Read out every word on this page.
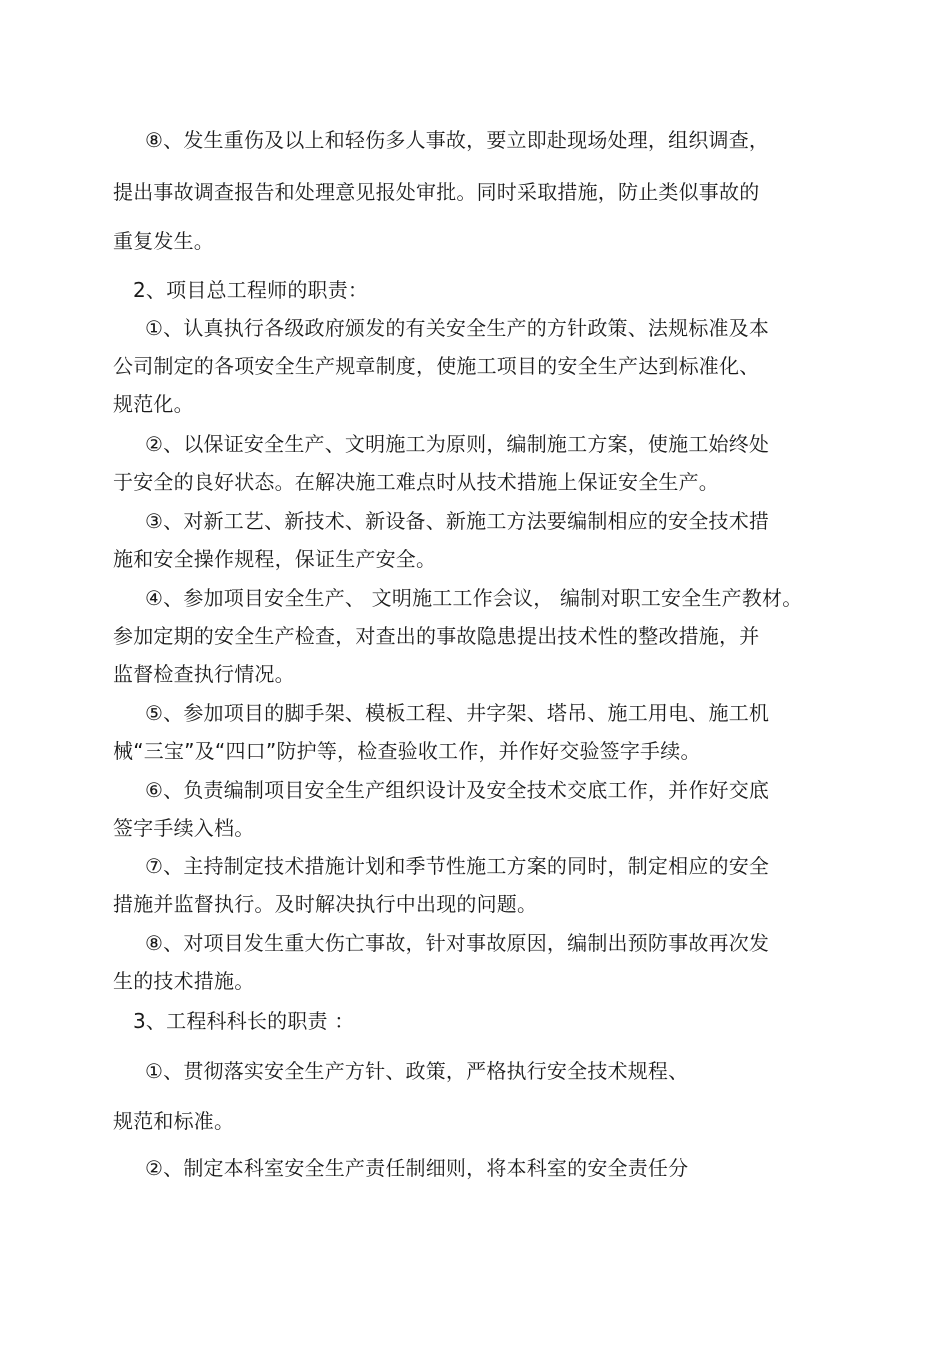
⑧、发生重伤及以上和轻伤多人事故，要立即赴现场处理，组织调查，
提出事故调查报告和处理意见报处审批。同时采取措施，防止类似事故的
重复发生。
2、项目总工程师的职责：
①、认真执行各级政府颁发的有关安全生产的方针政策、法规标准及本
公司制定的各项安全生产规章制度，使施工项目的安全生产达到标准化、
规范化。
②、以保证安全生产、文明施工为原则，编制施工方案，使施工始终处
于安全的良好状态。在解决施工难点时从技术措施上保证安全生产。
③、对新工艺、新技术、新设备、新施工方法要编制相应的安全技术措
施和安全操作规程，保证生产安全。
④、参加项目安全生产、 文明施工工作会议， 编制对职工安全生产教材。
参加定期的安全生产检查，对查出的事故隐患提出技术性的整改措施，并
监督检查执行情况。
⑤、参加项目的脚手架、模板工程、井字架、塔吊、施工用电、施工机
械“三宝”及“四口”防护等，检查验收工作，并作好交验签字手续。
⑥、负责编制项目安全生产组织设计及安全技术交底工作，并作好交底
签字手续入档。
⑦、主持制定技术措施计划和季节性施工方案的同时，制定相应的安全
措施并监督执行。及时解决执行中出现的问题。
⑧、对项目发生重大伤亡事故，针对事故原因，编制出预防事故再次发
生的技术措施。
3、工程科科长的职责 ：
①、贯彻落实安全生产方针、政策，严格执行安全技术规程、
规范和标准。
②、制定本科室安全生产责任制细则，将本科室的安全责任分
